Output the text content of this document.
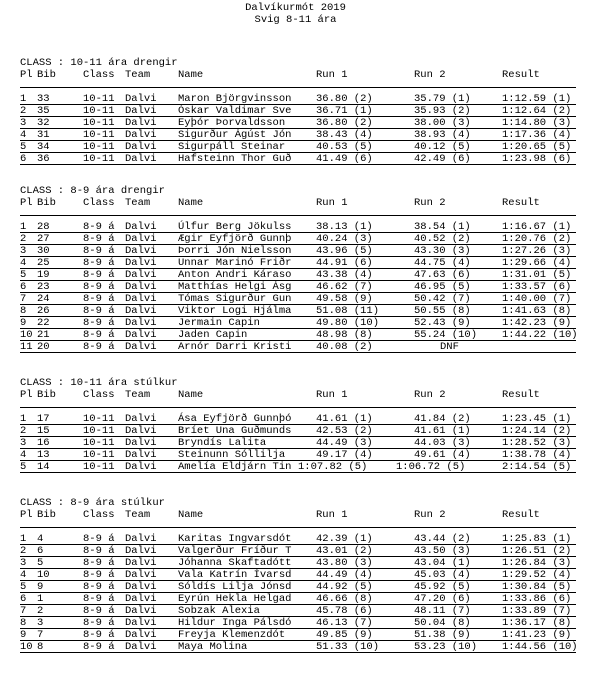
Dalvíkurmót 2019
Svig 8-11 ára
CLASS : 10-11 ára drengir
Pl Bib	Class Team	Name	Run 1	Run 2	Result
1 33	10-11 Dalvi Maron Björgvinsson 36.80 (2)	35.79 (1)	1:12.59 (1)
2 35	10-11 Dalvi Óskar Valdimar Sve 36.71 (1)	35.93 (2)	1:12.64 (2)
3 32	10-11 Dalvi Eyþór Þorvaldsson	36.80 (2)	38.00 (3)	1:14.80 (3)
4 31	10-11 Dalvi Sigurður Ágúst Jón 38.43 (4)	38.93 (4)	1:17.36 (4)
5 34	10-11 Dalvi Sigurpáll Steinar	40.53 (5)	40.12 (5)	1:20.65 (5)
6 36	10-11 Dalvi Hafsteinn Thor Guð 41.49 (6)	42.49 (6)	1:23.98 (6)
CLASS : 8-9 ára drengir
Pl Bib	Class Team	Name	Run 1	Run 2	Result
1 28	8-9 á Dalvi Úlfur Berg Jökulss 38.13 (1)	38.54 (1)	1:16.67 (1)
2 27	8-9 á Dalvi Ægir Eyfjörð Gunnþ 40.24 (3)	40.52 (2)	1:20.76 (2)
3 30	8-9 á Dalvi Þorri Jón Nielsson 43.96 (5)	43.30 (3)	1:27.26 (3)
4 25	8-9 á Dalvi Unnar Marinó Friðr 44.91 (6)	44.75 (4)	1:29.66 (4)
5 19	8-9 á Dalvi Anton Andri Káraso 43.38 (4)	47.63 (6)	1:31.01 (5)
6 23	8-9 á Dalvi Matthías Helgi Ásg 46.62 (7)	46.95 (5)	1:33.57 (6)
7 24	8-9 á Dalvi Tómas Sigurður Gun 49.58 (9)	50.42 (7)	1:40.00 (7)
8 26	8-9 á Dalvi Viktor Logi Hjálma 51.08 (11)	50.55 (8)	1:41.63 (8)
9 22	8-9 á Dalvi Jermain Capin	49.80 (10)	52.43 (9)	1:42.23 (9)
10 21	8-9 á Dalvi Jaden Capin	48.98 (8)	55.24 (10) 1:44.22 (10)
11 20	8-9 á Dalvi Arnór Darri Kristi 40.08 (2)	DNF
CLASS : 10-11 ára stúlkur
Pl Bib	Class Team	Name	Run 1	Run 2	Result
1 17	10-11 Dalvi Ása Eyfjörð Gunnþó 41.61 (1)	41.84 (2)	1:23.45 (1)
2 15	10-11 Dalvi Bríet Una Guðmunds 42.53 (2)	41.61 (1)	1:24.14 (2)
3 16	10-11 Dalvi Bryndís Lalita	44.49 (3)	44.03 (3)	1:28.52 (3)
4 13	10-11 Dalvi Steinunn Sóllilja	49.17 (4)	49.61 (4)	1:38.78 (4)
5 14	10-11 Dalvi Amelía Eldjárn Tin 1:07.82 (5)	1:06.72 (5)	2:14.54 (5)
CLASS : 8-9 ára stúlkur
Pl Bib	Class Team	Name	Run 1	Run 2	Result
1 4	8-9 á Dalvi Karitas Ingvarsdót 42.39 (1)	43.44 (2)	1:25.83 (1)
2 6	8-9 á Dalvi Valgerður Fríður T 43.01 (2)	43.50 (3)	1:26.51 (2)
3 5	8-9 á Dalvi Jóhanna Skaftadótt 43.80 (3)	43.04 (1)	1:26.84 (3)
4 10	8-9 á Dalvi Vala Katrín Ívarsd 44.49 (4)	45.03 (4)	1:29.52 (4)
5 9	8-9 á Dalvi Sóldís Lilja Jónsd 44.92 (5)	45.92 (5)	1:30.84 (5)
6 1	8-9 á Dalvi Eyrún Hekla Helgad 46.66 (8)	47.20 (6)	1:33.86 (6)
7 2	8-9 á Dalvi Sobzak Alexia	45.78 (6)	48.11 (7)	1:33.89 (7)
8 3	8-9 á Dalvi Hildur Inga Pálsdó 46.13 (7)	50.04 (8)	1:36.17 (8)
9 7	8-9 á Dalvi Freyja Klemenzdót	49.85 (9)	51.38 (9)	1:41.23 (9)
10 8	8-9 á Dalvi Maya Molina	51.33 (10)	53.23 (10) 1:44.56 (10)
